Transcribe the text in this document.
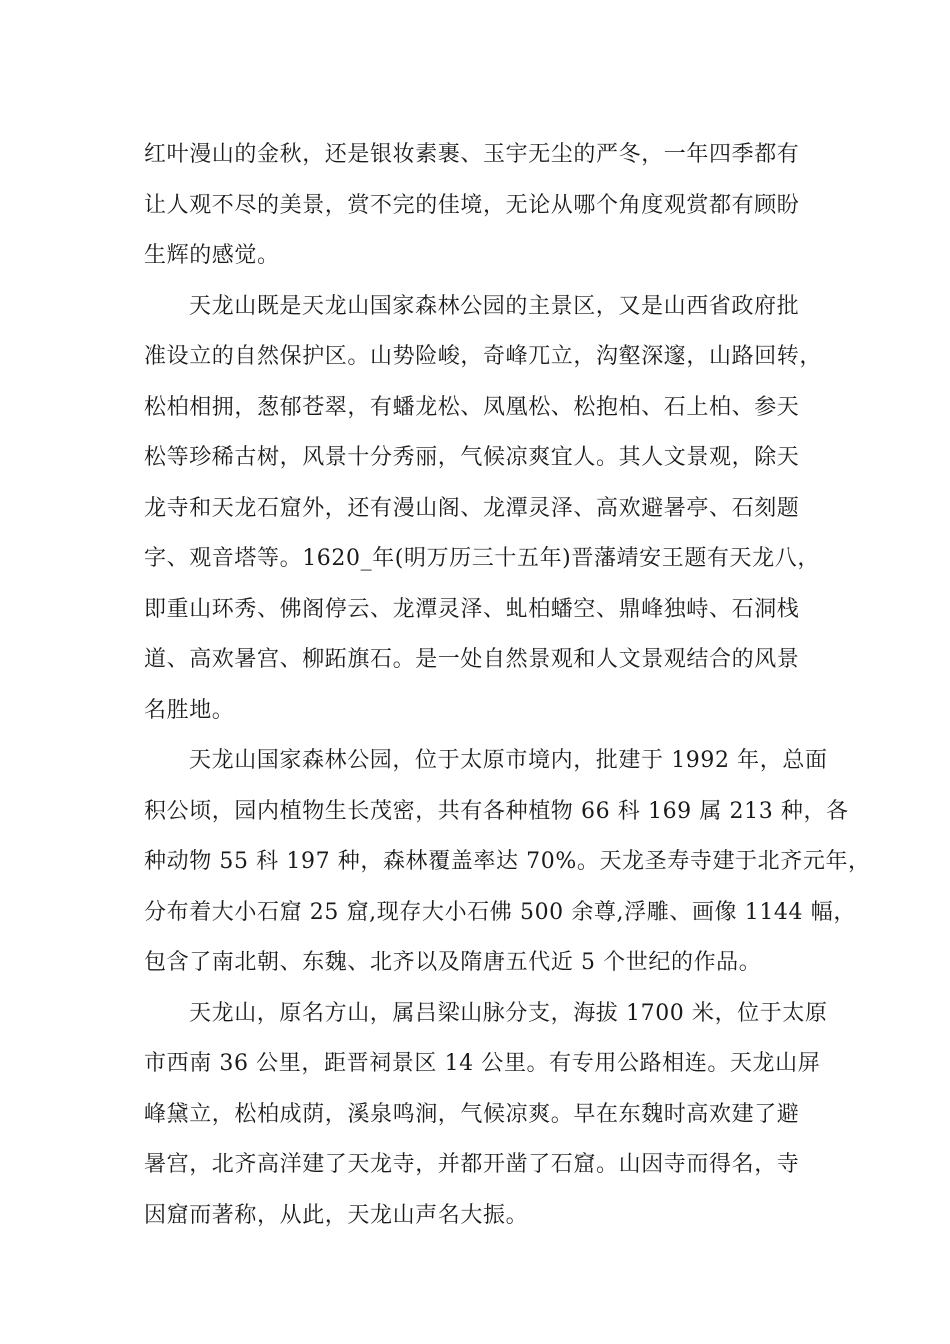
红叶漫山的金秋，还是银妆素裹、玉宇无尘的严冬，一年四季都有
让人观不尽的美景，赏不完的佳境，无论从哪个角度观赏都有顾盼
生辉的感觉。

天龙山既是天龙山国家森林公园的主景区，又是山西省政府批
准设立的自然保护区。山势险峻，奇峰兀立，沟壑深邃，山路回转，
松柏相拥，葱郁苍翠，有蟠龙松、凤凰松、松抱柏、石上柏、参天
松等珍稀古树，风景十分秀丽，气候凉爽宜人。其人文景观，除天
龙寺和天龙石窟外，还有漫山阁、龙潭灵泽、高欢避暑亭、石刻题
字、观音塔等。1620_年(明万历三十五年)晋藩靖安王题有天龙八，
即重山环秀、佛阁停云、龙潭灵泽、虬柏蟠空、鼎峰独峙、石洞栈
道、高欢暑宫、柳跖旗石。是一处自然景观和人文景观结合的风景
名胜地。

天龙山国家森林公园，位于太原市境内，批建于 1992 年，总面
积公顷，园内植物生长茂密，共有各种植物 66 科 169 属 213 种，各
种动物 55 科 197 种，森林覆盖率达 70%。天龙圣寿寺建于北齐元年，
分布着大小石窟 25 窟,现存大小石佛 500 余尊,浮雕、画像 1144 幅，
包含了南北朝、东魏、北齐以及隋唐五代近 5 个世纪的作品。

天龙山，原名方山，属吕梁山脉分支，海拔 1700 米，位于太原
市西南 36 公里，距晋祠景区 14 公里。有专用公路相连。天龙山屏
峰黛立，松柏成荫，溪泉鸣涧，气候凉爽。早在东魏时高欢建了避
暑宫，北齐高洋建了天龙寺，并都开凿了石窟。山因寺而得名，寺
因窟而著称，从此，天龙山声名大振。
